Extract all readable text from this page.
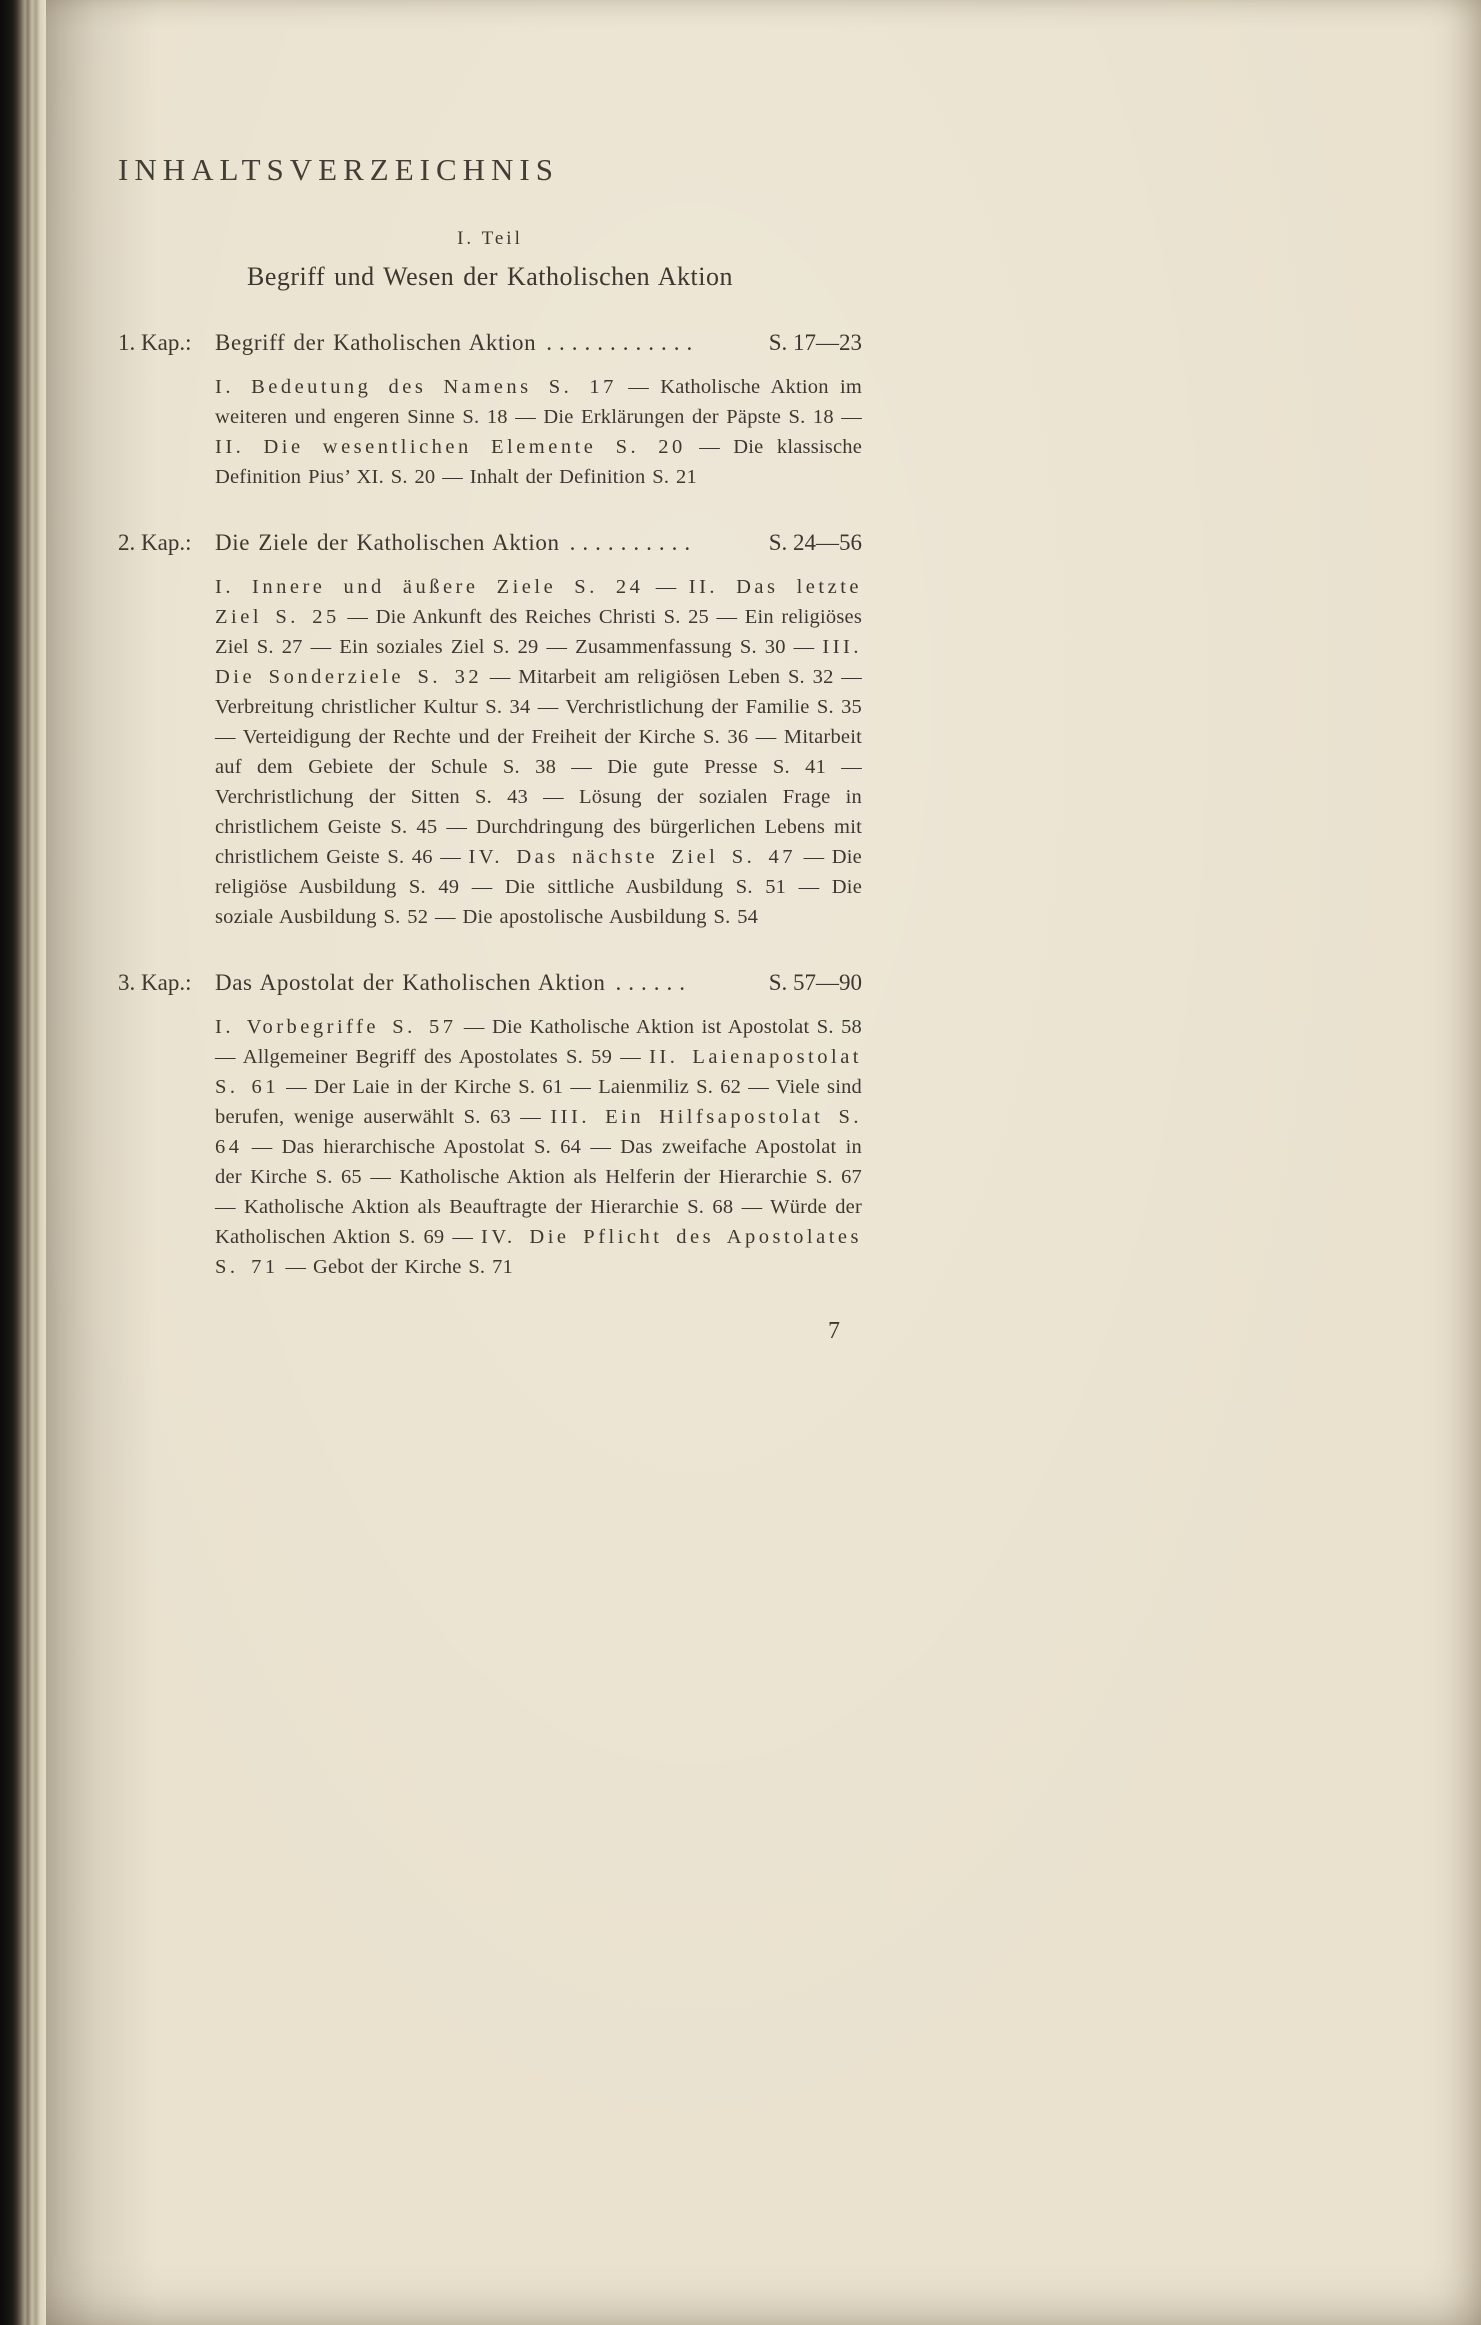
INHALTSVERZEICHNIS
I. Teil
Begriff und Wesen der Katholischen Aktion
1. Kap.:	Begriff der Katholischen Aktion ............	S. 17—23

I. Bedeutung des Namens S. 17 — Katholische Aktion im weiteren und engeren Sinne S. 18 — Die Erklärungen der Päpste S. 18 — II. Die wesentlichen Elemente S. 20 — Die klassische Definition Pius’ XI. S. 20 — Inhalt der Definition S. 21

2. Kap.:	Die Ziele der Katholischen Aktion ..........	S. 24—56

I. Innere und äußere Ziele S. 24 — II. Das letzte Ziel S. 25 — Die Ankunft des Reiches Christi S. 25 — Ein religiöses Ziel S. 27 — Ein soziales Ziel S. 29 — Zusammenfassung S. 30 — III. Die Sonderziele S. 32 — Mitarbeit am religiösen Leben S. 32 — Verbreitung christlicher Kultur S. 34 — Verchristlichung der Familie S. 35 — Verteidigung der Rechte und der Freiheit der Kirche S. 36 — Mitarbeit auf dem Gebiete der Schule S. 38 — Die gute Presse S. 41 — Verchristlichung der Sitten S. 43 — Lösung der sozialen Frage in christlichem Geiste S. 45 — Durchdringung des bürgerlichen Lebens mit christlichem Geiste S. 46 — IV. Das nächste Ziel S. 47 — Die religiöse Ausbildung S. 49 — Die sittliche Ausbildung S. 51 — Die soziale Ausbildung S. 52 — Die apostolische Ausbildung S. 54

3. Kap.:	Das Apostolat der Katholischen Aktion ......	S. 57—90

I. Vorbegriffe S. 57 — Die Katholische Aktion ist Apostolat S. 58 — Allgemeiner Begriff des Apostolates S. 59 — II. Laienapostolat S. 61 — Der Laie in der Kirche S. 61 — Laienmiliz S. 62 — Viele sind berufen, wenige auserwählt S. 63 — III. Ein Hilfsapostolat S. 64 — Das hierarchische Apostolat S. 64 — Das zweifache Apostolat in der Kirche S. 65 — Katholische Aktion als Helferin der Hierarchie S. 67 — Katholische Aktion als Beauftragte der Hierarchie S. 68 — Würde der Katholischen Aktion S. 69 — IV. Die Pflicht des Apostolates S. 71 — Gebot der Kirche S. 71

7
